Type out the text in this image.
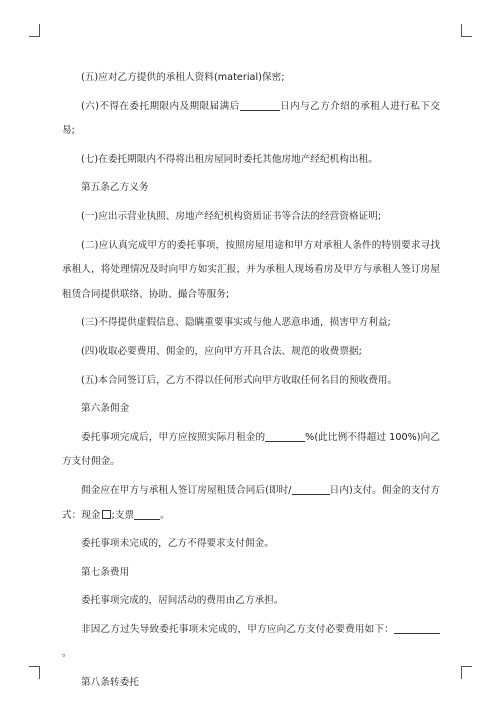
(五)应对乙方提供的承租人资料(material)保密;

(六)不得在委托期限内及期限届满后	日内与乙方介绍的承租人进行私下交易;

(七)在委托期限内不得将出租房屋同时委托其他房地产经纪机构出租。

第五条乙方义务

(一)应出示营业执照、房地产经纪机构资质证书等合法的经营资格证明;

(二)应认真完成甲方的委托事项，按照房屋用途和甲方对承租人条件的特别要求寻找承租人，将处理情况及时向甲方如实汇报，并为承租人现场看房及甲方与承租人签订房屋租赁合同提供联络、协助、撮合等服务;

(三)不得提供虚假信息、隐瞒重要事实或与他人恶意串通，损害甲方利益;

(四)收取必要费用、佣金的，应向甲方开具合法、规范的收费票据;

(五)本合同签订后，乙方不得以任何形式向甲方收取任何名目的预收费用。

第六条佣金

委托事项完成后，甲方应按照实际月租金的	%(此比例不得超过 100%)向乙方支付佣金。

佣金应在甲方与承租人签订房屋租赁合同后(即时/	日内)支付。佣金的支付方式：现金 ;支票	。

委托事项未完成的，乙方不得要求支付佣金。

第七条费用

委托事项完成的，居间活动的费用由乙方承担。

非因乙方过失导致委托事项未完成的，甲方应向乙方支付必要费用如下：。

第八条转委托
